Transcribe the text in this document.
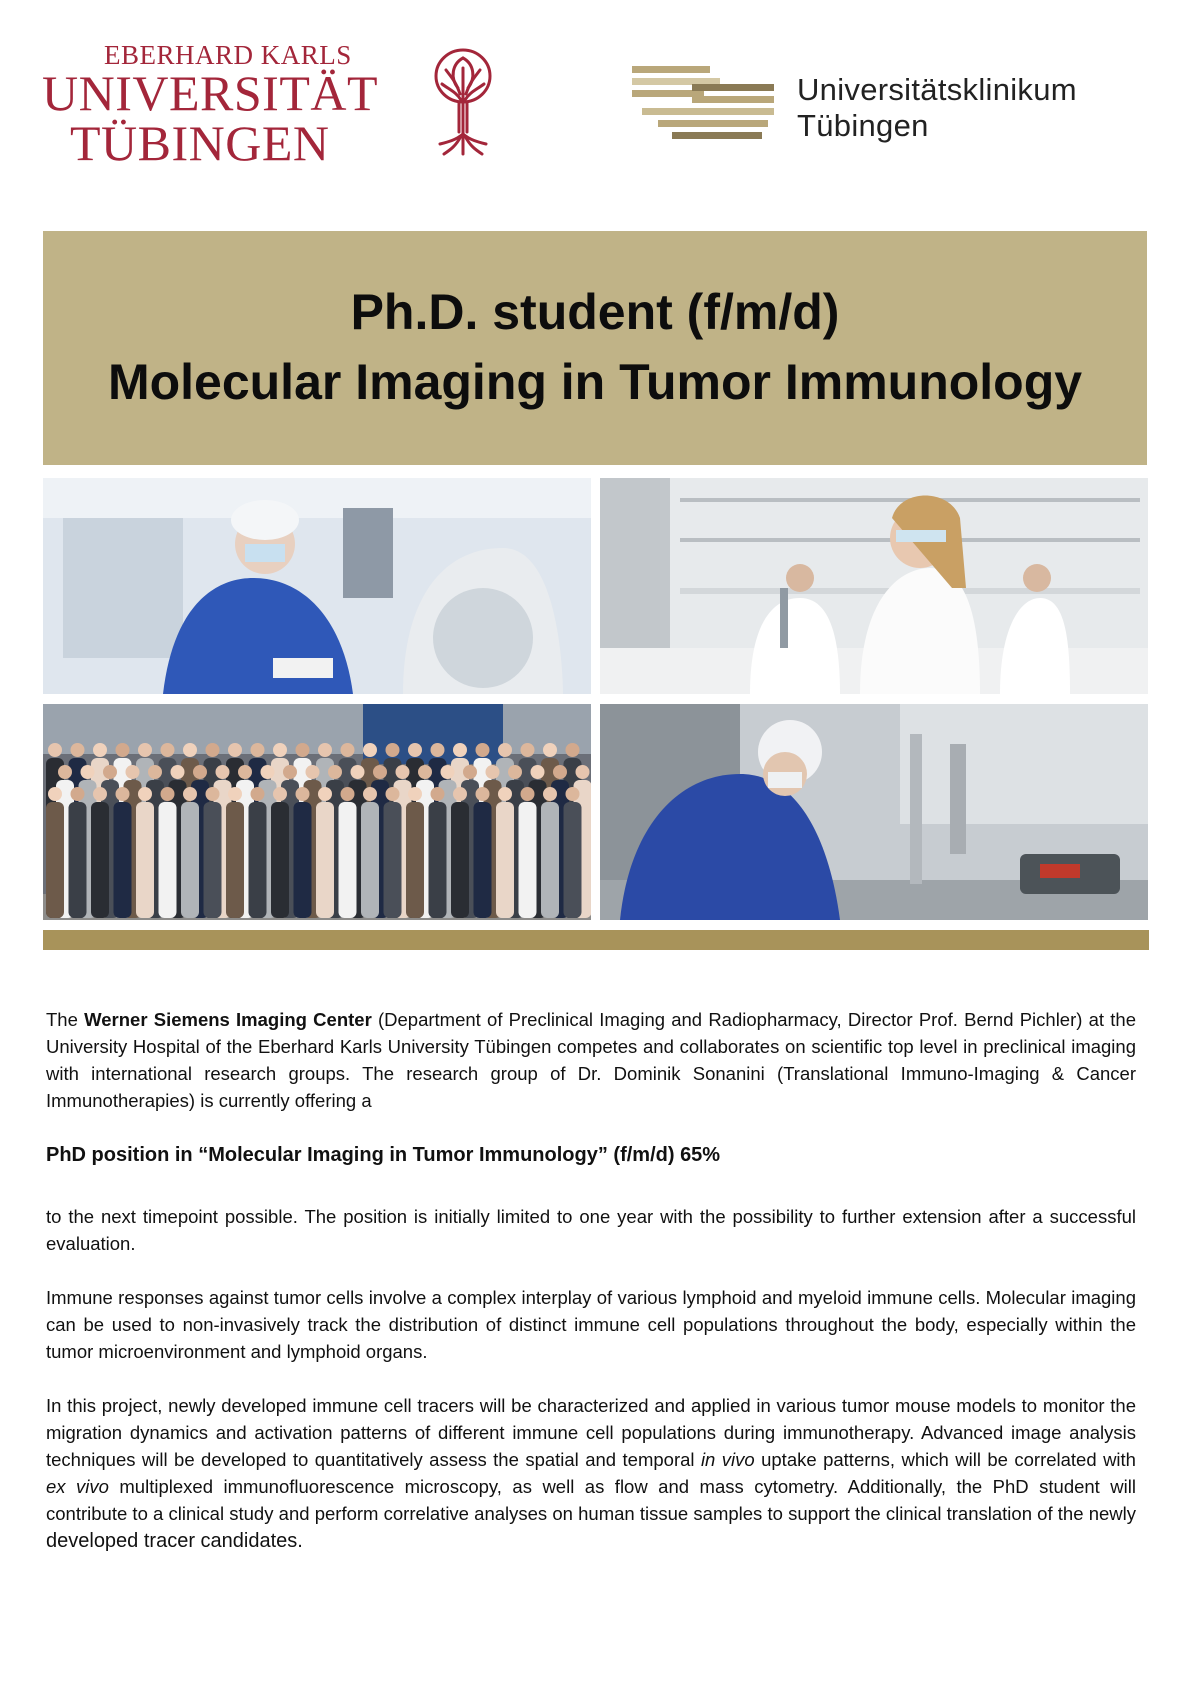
EBERHARD KARLS
UNIVERSITÄT
TÜBINGEN
Universitätsklinikum
Tübingen
Ph.D. student (f/m/d)
Molecular Imaging in Tumor Immunology
The Werner Siemens Imaging Center (Department of Preclinical Imaging and Radiopharmacy, Director Prof. Bernd Pichler) at the University Hospital of the Eberhard Karls University Tübingen competes and collaborates on scientific top level in preclinical imaging with international research groups. The research group of Dr. Dominik Sonanini (Translational Immuno-Imaging & Cancer Immunotherapies) is currently offering a
PhD position in “Molecular Imaging in Tumor Immunology” (f/m/d) 65%
to the next timepoint possible. The position is initially limited to one year with the possibility to further extension after a successful evaluation.
Immune responses against tumor cells involve a complex interplay of various lymphoid and myeloid immune cells. Molecular imaging can be used to non-invasively track the distribution of distinct immune cell populations throughout the body, especially within the tumor microenvironment and lymphoid organs.
In this project, newly developed immune cell tracers will be characterized and applied in various tumor mouse models to monitor the migration dynamics and activation patterns of different immune cell populations during immunotherapy. Advanced image analysis techniques will be developed to quantitatively assess the spatial and temporal in vivo uptake patterns, which will be correlated with ex vivo multiplexed immunofluorescence microscopy, as well as flow and mass cytometry. Additionally, the PhD student will contribute to a clinical study and perform correlative analyses on human tissue samples to support the clinical translation of the newly developed tracer candidates.
